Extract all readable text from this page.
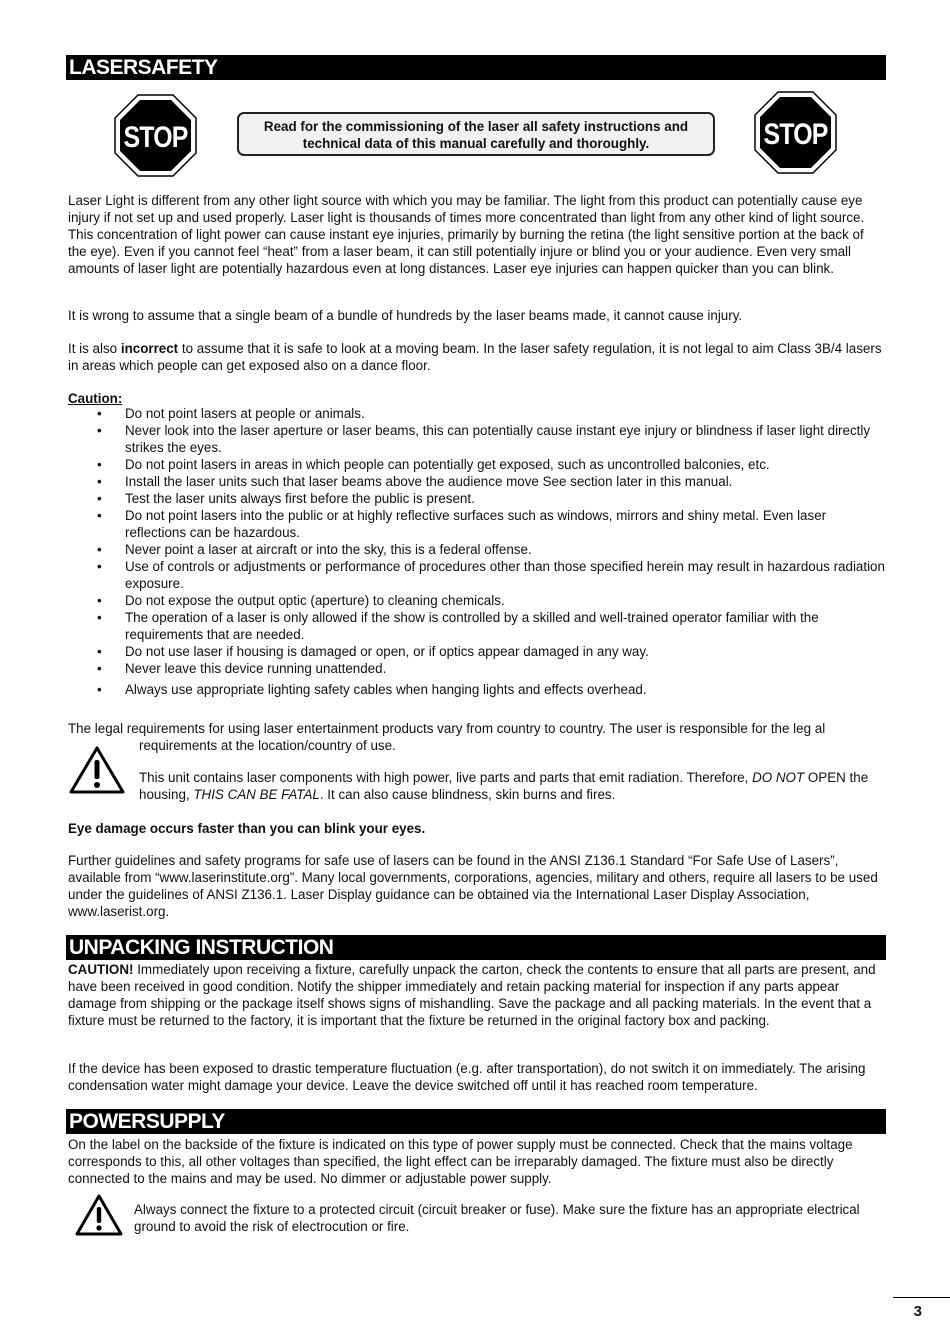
LASERSAFETY
STOP	Read for the commissioning of the laser all safety instructions and technical data of this manual carefully and thoroughly.	STOP

Laser Light is different from any other light source with which you may be familiar. The light from this product can potentially cause eye injury if not set up and used properly. Laser light is thousands of times more concentrated than light from any other kind of light source. This concentration of light power can cause instant eye injuries, primarily by burning the retina (the light sensitive portion at the back of the eye). Even if you cannot feel “heat” from a laser beam, it can still potentially injure or blind you or your audience. Even very small amounts of laser light are potentially hazardous even at long distances. Laser eye injuries can happen quicker than you can blink.

It is wrong to assume that a single beam of a bundle of hundreds by the laser beams made, it cannot cause injury.

It is also incorrect to assume that it is safe to look at a moving beam. In the laser safety regulation, it is not legal to aim Class 3B/4 lasers in areas which people can get exposed also on a dance floor.

Caution:

• Do not point lasers at people or animals.
• Never look into the laser aperture or laser beams, this can potentially cause instant eye injury or blindness if laser light directly strikes the eyes.
• Do not point lasers in areas in which people can potentially get exposed, such as uncontrolled balconies, etc.
• Install the laser units such that laser beams above the audience move See section later in this manual.
• Test the laser units always first before the public is present.
• Do not point lasers into the public or at highly reflective surfaces such as windows, mirrors and shiny metal. Even laser reflections can be hazardous.
• Never point a laser at aircraft or into the sky, this is a federal offense.
• Use of controls or adjustments or performance of procedures other than those specified herein may result in hazardous radiation exposure.
• Do not expose the output optic (aperture) to cleaning chemicals.
• The operation of a laser is only allowed if the show is controlled by a skilled and well-trained operator familiar with the requirements that are needed.
• Do not use laser if housing is damaged or open, or if optics appear damaged in any way.
• Never leave this device running unattended.
• Always use appropriate lighting safety cables when hanging lights and effects overhead.

The legal requirements for using laser entertainment products vary from country to country. The user is responsible for the leg al

requirements at the location/country of use.

This unit contains laser components with high power, live parts and parts that emit radiation. Therefore, DO NOT OPEN the housing, THIS CAN BE FATAL. It can also cause blindness, skin burns and fires.

Eye damage occurs faster than you can blink your eyes.

Further guidelines and safety programs for safe use of lasers can be found in the ANSI Z136.1 Standard “For Safe Use of Lasers”, available from “www.laserinstitute.org”. Many local governments, corporations, agencies, military and others, require all lasers to be used under the guidelines of ANSI Z136.1. Laser Display guidance can be obtained via the International Laser Display Association, www.laserist.org.

UNPACKING INSTRUCTION

CAUTION! Immediately upon receiving a fixture, carefully unpack the carton, check the contents to ensure that all parts are present, and have been received in good condition. Notify the shipper immediately and retain packing material for inspection if any parts appear damage from shipping or the package itself shows signs of mishandling. Save the package and all packing materials. In the event that a fixture must be returned to the factory, it is important that the fixture be returned in the original factory box and packing.

If the device has been exposed to drastic temperature fluctuation (e.g. after transportation), do not switch it on immediately. The arising condensation water might damage your device. Leave the device switched off until it has reached room temperature.

POWERSUPPLY

On the label on the backside of the fixture is indicated on this type of power supply must be connected. Check that the mains voltage corresponds to this, all other voltages than specified, the light effect can be irreparably damaged. The fixture must also be directly connected to the mains and may be used. No dimmer or adjustable power supply.

Always connect the fixture to a protected circuit (circuit breaker or fuse). Make sure the fixture has an appropriate electrical ground to avoid the risk of electrocution or fire.

3
